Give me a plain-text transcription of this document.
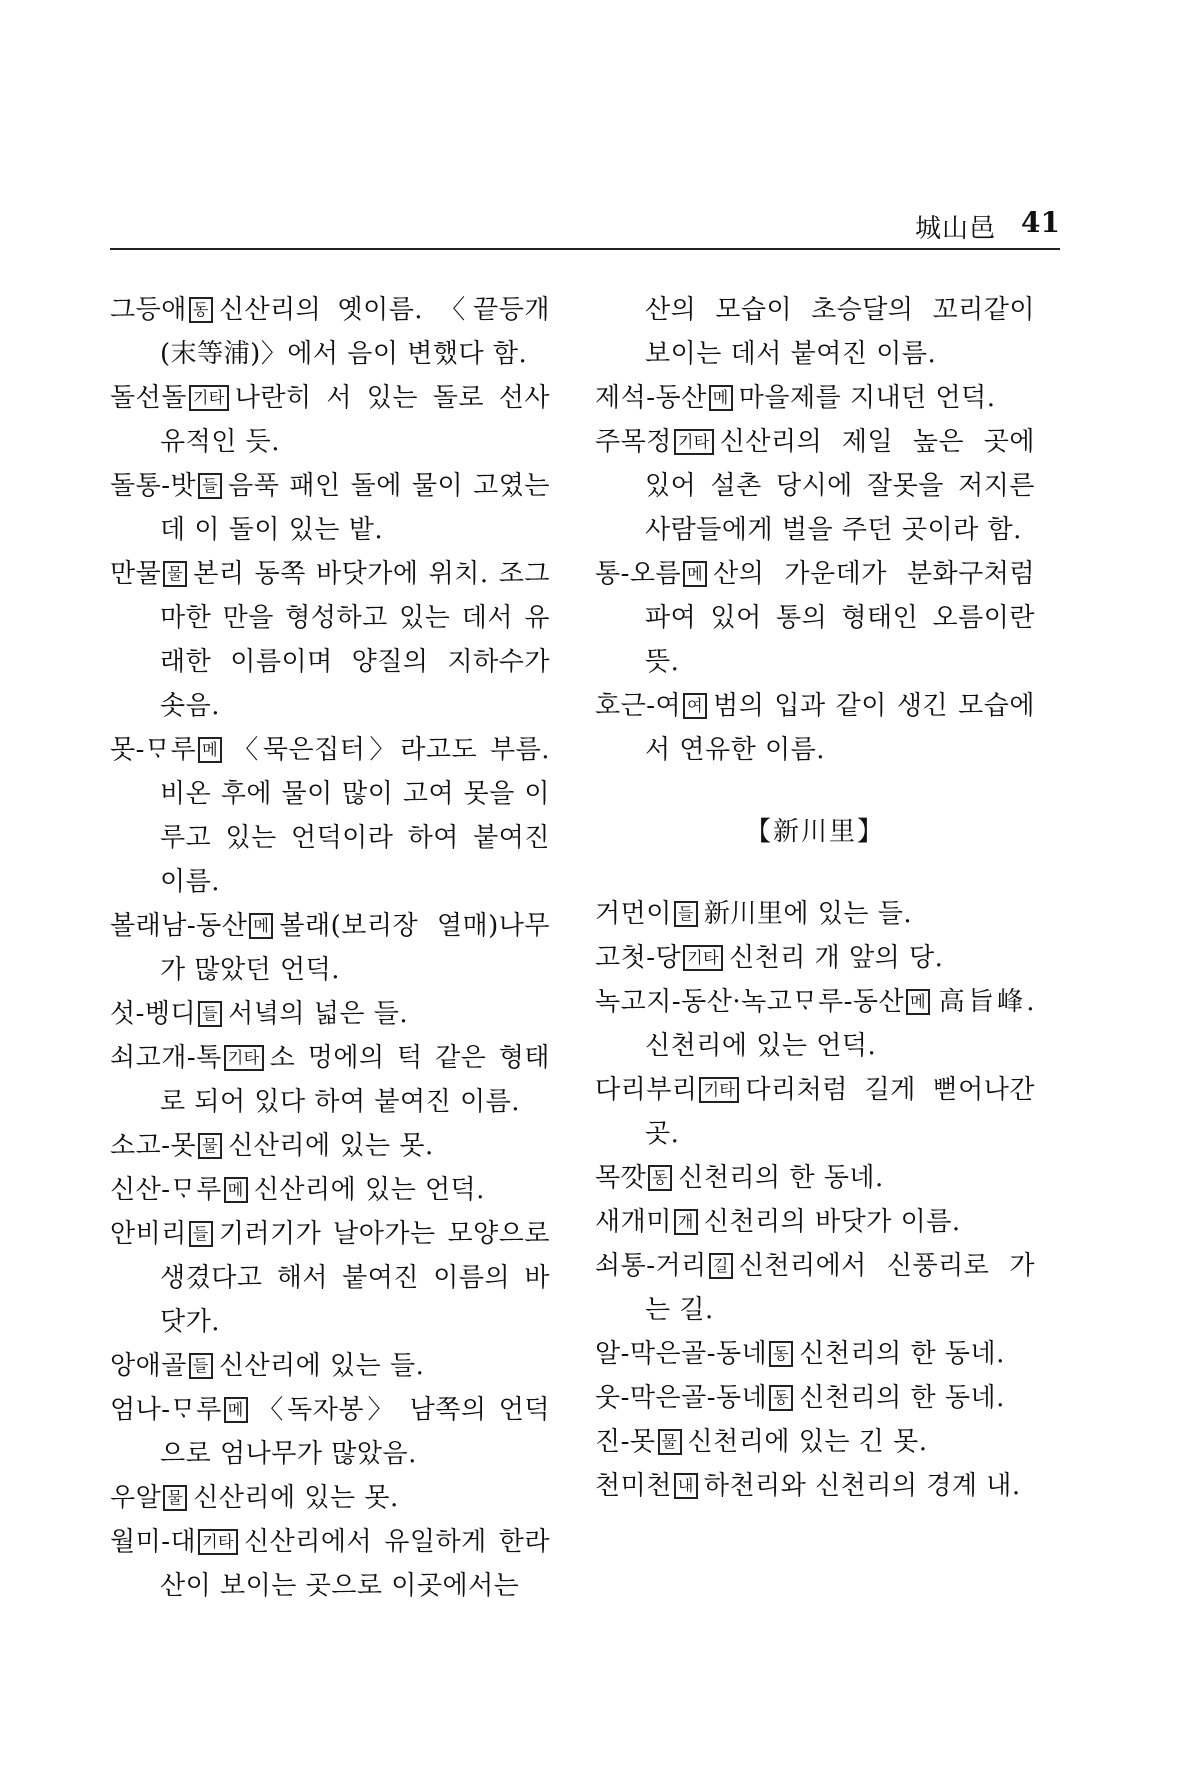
城山邑 41
그등애 동 신산리의 옛이름. 〈끝등개(末等浦)〉에서 음이 변했다 함.
돌선돌 기타 나란히 서 있는 돌로 선사유적인 듯.
돌통-밧 들 음푹 패인 돌에 물이 고였는데 이 돌이 있는 밭.
만물 물 본리 동쪽 바닷가에 위치. 조그마한 만을 형성하고 있는 데서 유래한 이름이며 양질의 지하수가 솟음.
못-ᄆᆞ루 메 〈묵은집터〉라고도 부름. 비온 후에 물이 많이 고여 못을 이루고 있는 언덕이라 하여 붙여진 이름.
볼래남-동산 메 볼래(보리장 열매)나무가 많았던 언덕.
섯-벵디 들 서녘의 넓은 들.
쇠고개-톡 기타 소 멍에의 턱 같은 형태로 되어 있다 하여 붙여진 이름.
소고-못 물 신산리에 있는 못.
신산-ᄆᆞ루 메 신산리에 있는 언덕.
안비리 들 기러기가 날아가는 모양으로 생겼다고 해서 붙여진 이름의 바닷가.
앙애골 들 신산리에 있는 들.
엄나-ᄆᆞ루 메 〈독자봉〉 남쪽의 언덕으로 엄나무가 많았음.
우알 물 신산리에 있는 못.
월미-대 기타 신산리에서 유일하게 한라산이 보이는 곳으로 이곳에서는
산의 모습이 초승달의 꼬리같이 보이는 데서 붙여진 이름.
제석-동산 메 마을제를 지내던 언덕.
주목정 기타 신산리의 제일 높은 곳에 있어 설촌 당시에 잘못을 저지른 사람들에게 벌을 주던 곳이라 함.
통-오름 메 산의 가운데가 분화구처럼 파여 있어 통의 형태인 오름이란 뜻.
호근-여 여 범의 입과 같이 생긴 모습에서 연유한 이름.
【新川里】
거먼이 들 新川里에 있는 들.
고첫-당 기타 신천리 개 앞의 당.
녹고지-동산·녹고ᄆᆞ루-동산 메 高旨峰. 신천리에 있는 언덕.
다리부리 기타 다리처럼 길게 뻗어나간 곳.
목깟 동 신천리의 한 동네.
새개미 개 신천리의 바닷가 이름.
쇠통-거리 길 신천리에서 신풍리로 가는 길.
알-막은골-동네 동 신천리의 한 동네.
웃-막은골-동네 동 신천리의 한 동네.
진-못 물 신천리에 있는 긴 못.
천미천 내 하천리와 신천리의 경계 내.
